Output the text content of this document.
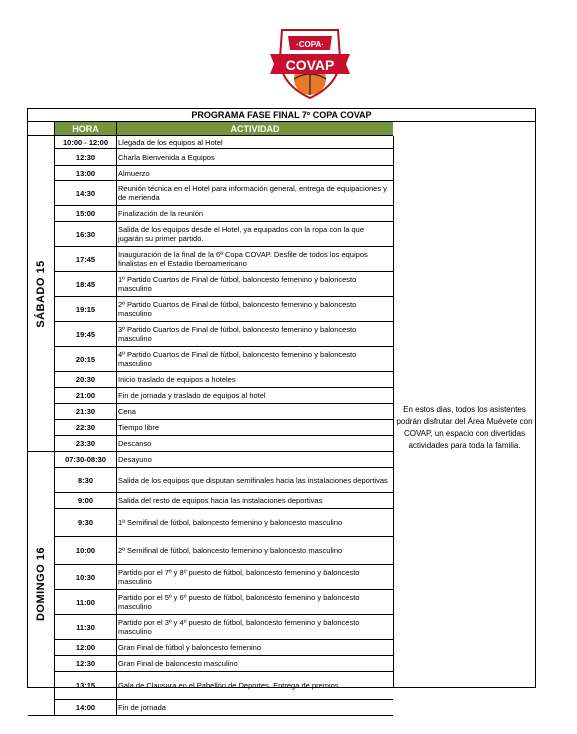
·COPA·
COVAP
PROGRAMA FASE FINAL 7º COPA COVAP
HORA	ACTIVIDAD
10:00 - 12:00	Llegada de los equipos al Hotel
12:30	Charla Bienvenida a Equipos
13:00	Almuerzo
14:30	Reunión técnica en el Hotel para información general, entrega de equipaciones y de merienda
15:00	Finalización de la reunión
16:30	Salida de los equipos desde el Hotel, ya equipados con la ropa con la que jugarán su primer partido.
17:45	Inauguración de la final de la 6ª Copa COVAP. Desfile de todos los equipos finalistas en el Estadio Iberoamericano
18:45	1º Partido Cuartos de Final de fútbol, baloncesto femenino y baloncesto masculino
19:15	2º Partido Cuartos de Final de fútbol, baloncesto femenino y baloncesto masculino
19:45	3º Partido Cuartos de Final de fútbol, baloncesto femenino y baloncesto masculino
20:15	4º Partido Cuartos de Final de fútbol, baloncesto femenino y baloncesto masculino
20:30	Inicio traslado de equipos a hoteles
21:00	Fin de jornada y traslado de equipos al hotel
21:30	Cena
22:30	Tiempo libre
23:30	Descanso
SÁBADO 15
07:30-08:30	Desayuno
8:30	Salida de los equipos que disputan semifinales hacia las instalaciones deportivas
9:00	Salida del resto de equipos hacia las instalaciones deportivas
9:30	1ª Semifinal de fútbol, baloncesto femenino y baloncesto masculino
10:00	2ª Semifinal de fútbol, baloncesto femenino y baloncesto masculino
10:30	Partido por el 7º y 8º puesto de fútbol, baloncesto femenino y baloncesto masculino
11:00	Partido por el 5º y 6º puesto de fútbol, baloncesto femenino y baloncesto masculino
11:30	Partido por el 3º y 4º puesto de fútbol, baloncesto femenino y baloncesto masculino
12:00	Gran Final de fútbol y baloncesto femenino
12:30	Gran Final de baloncesto masculino
13:15	Gala de Clausura en el Pabellón de Deportes. Entrega de premios.
14:00	Fin de jornada
DOMINGO 16
En estos dias, todos los asistentes podrán disfrutar del Área Muévete con COVAP, un espacio con divertidas actividades para toda la familia.
